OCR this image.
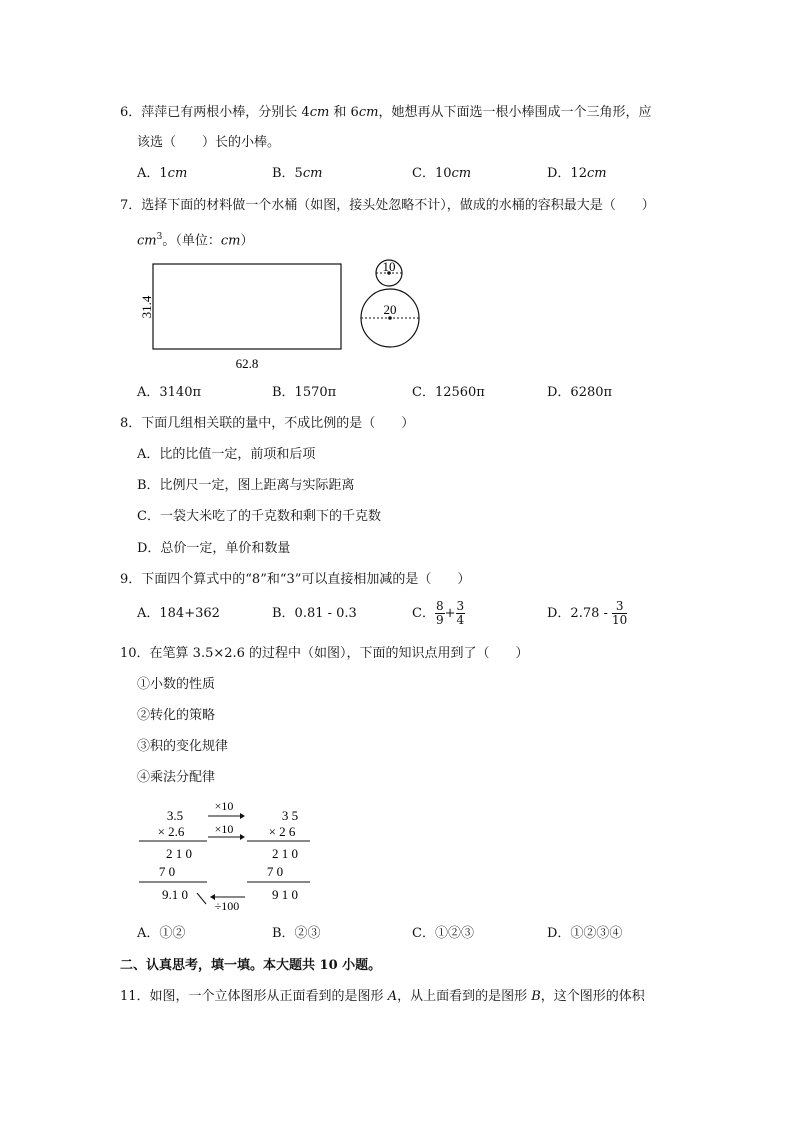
6．萍萍已有两根小棒，分别长 4cm 和 6cm，她想再从下面选一根小棒围成一个三角形，应
该选（　　）长的小棒。
A．1cm	B．5cm	C．10cm	D．12cm
7．选择下面的材料做一个水桶（如图，接头处忽略不计），做成的水桶的容积最大是（　　）
$cm^3$。（单位：cm）
31.4
62.8
10
20
A．3140π	B．1570π	C．12560π	D．6280π
8．下面几组相关联的量中，不成比例的是（　　）
A．比的比值一定，前项和后项
B．比例尺一定，图上距离与实际距离
C．一袋大米吃了的千克数和剩下的千克数
D．总价一定，单价和数量
9．下面四个算式中的“8”和“3”可以直接相加减的是（　　）
A．184+362	B．0.81 - 0.3	C． $\frac{8}{9} + \frac{3}{4}$	D．$2.78 - \frac{3}{10}$
10．在笔算 3.5×2.6 的过程中（如图），下面的知识点用到了（　　）
①小数的性质
②转化的策略
③积的变化规律
④乘法分配律
3.5
× 2.6
2 1 0
7 0
9.1 0
×10
×10
÷100
3 5
× 2 6
2 1 0
7 0
9 1 0
A．①②	B．②③	C．①②③	D．①②③④
二、认真思考，填一填。本大题共 10 小题。
11．如图，一个立体图形从正面看到的是图形 A，从上面看到的是图形 B，这个图形的体积
